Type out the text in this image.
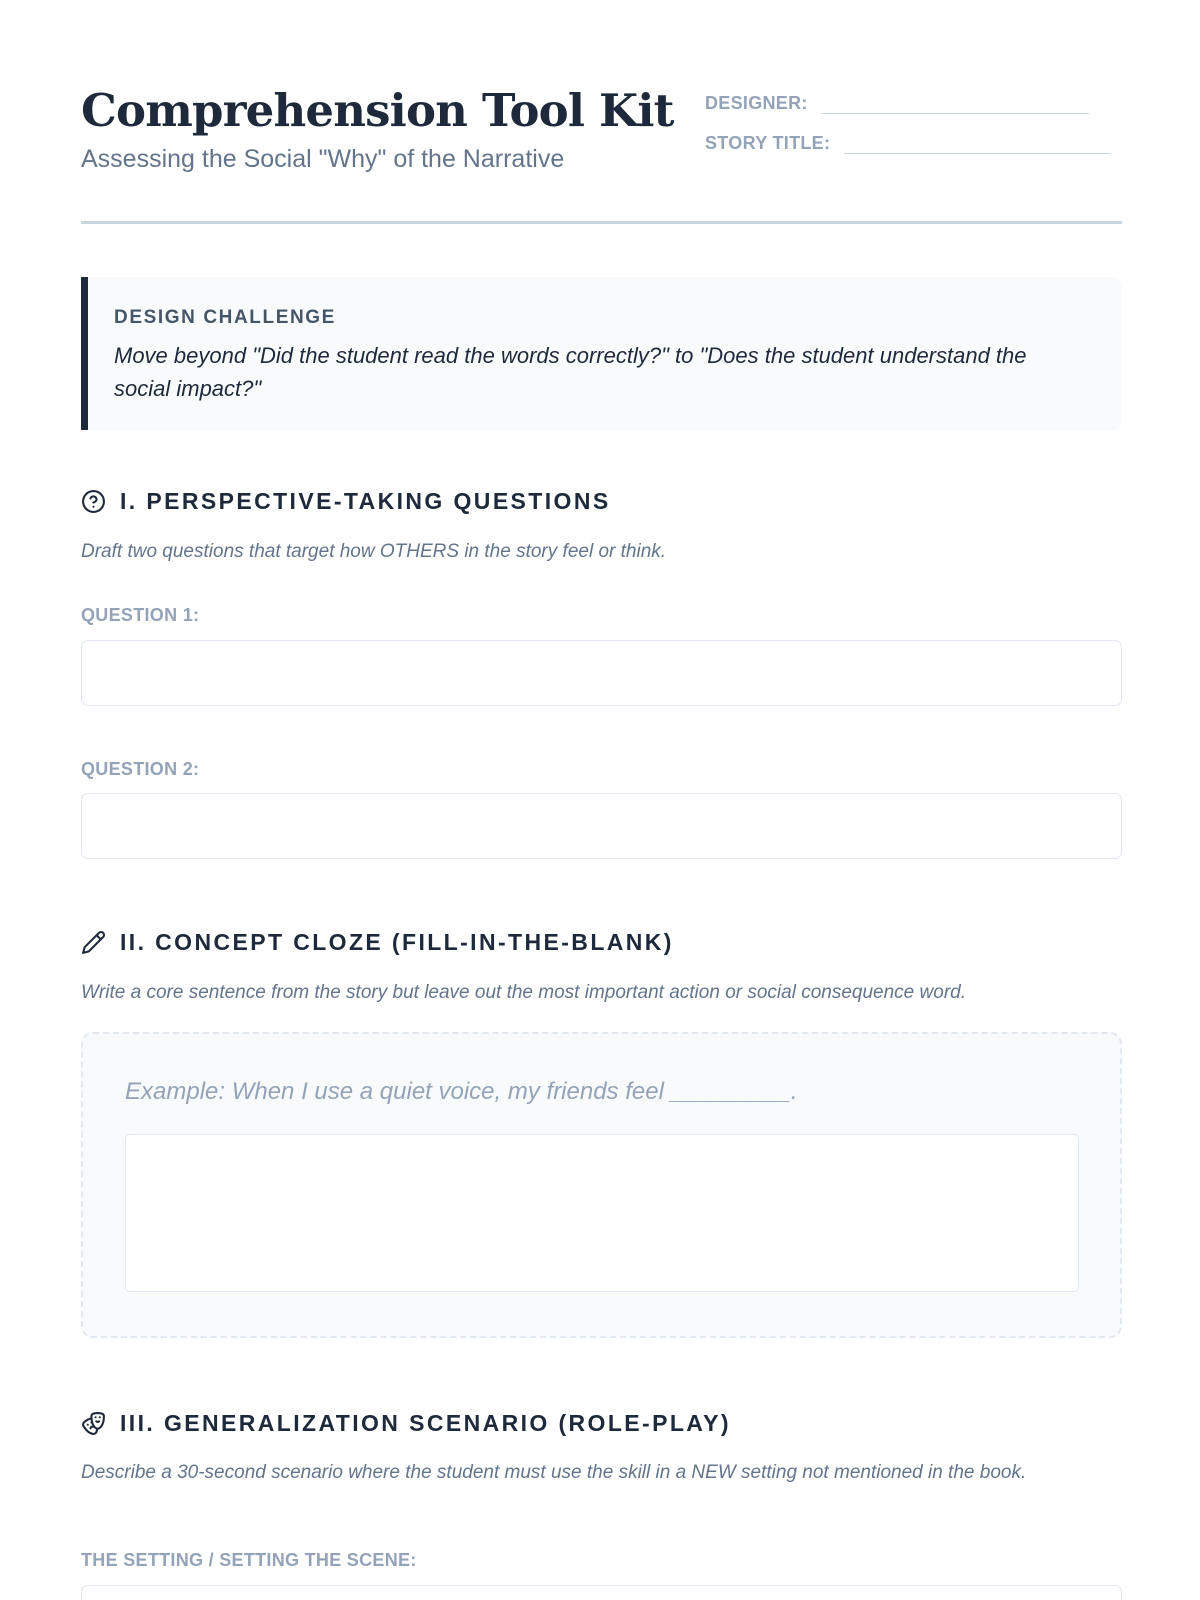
Comprehension Tool Kit
Assessing the Social "Why" of the Narrative
DESIGNER:
STORY TITLE:
DESIGN CHALLENGE
Move beyond "Did the student read the words correctly?" to "Does the student understand the social impact?"
I. PERSPECTIVE-TAKING QUESTIONS
Draft two questions that target how OTHERS in the story feel or think.
QUESTION 1:
QUESTION 2:
II. CONCEPT CLOZE (FILL-IN-THE-BLANK)
Write a core sentence from the story but leave out the most important action or social consequence word.
Example: When I use a quiet voice, my friends feel _________.
III. GENERALIZATION SCENARIO (ROLE-PLAY)
Describe a 30-second scenario where the student must use the skill in a NEW setting not mentioned in the book.
THE SETTING / SETTING THE SCENE:
